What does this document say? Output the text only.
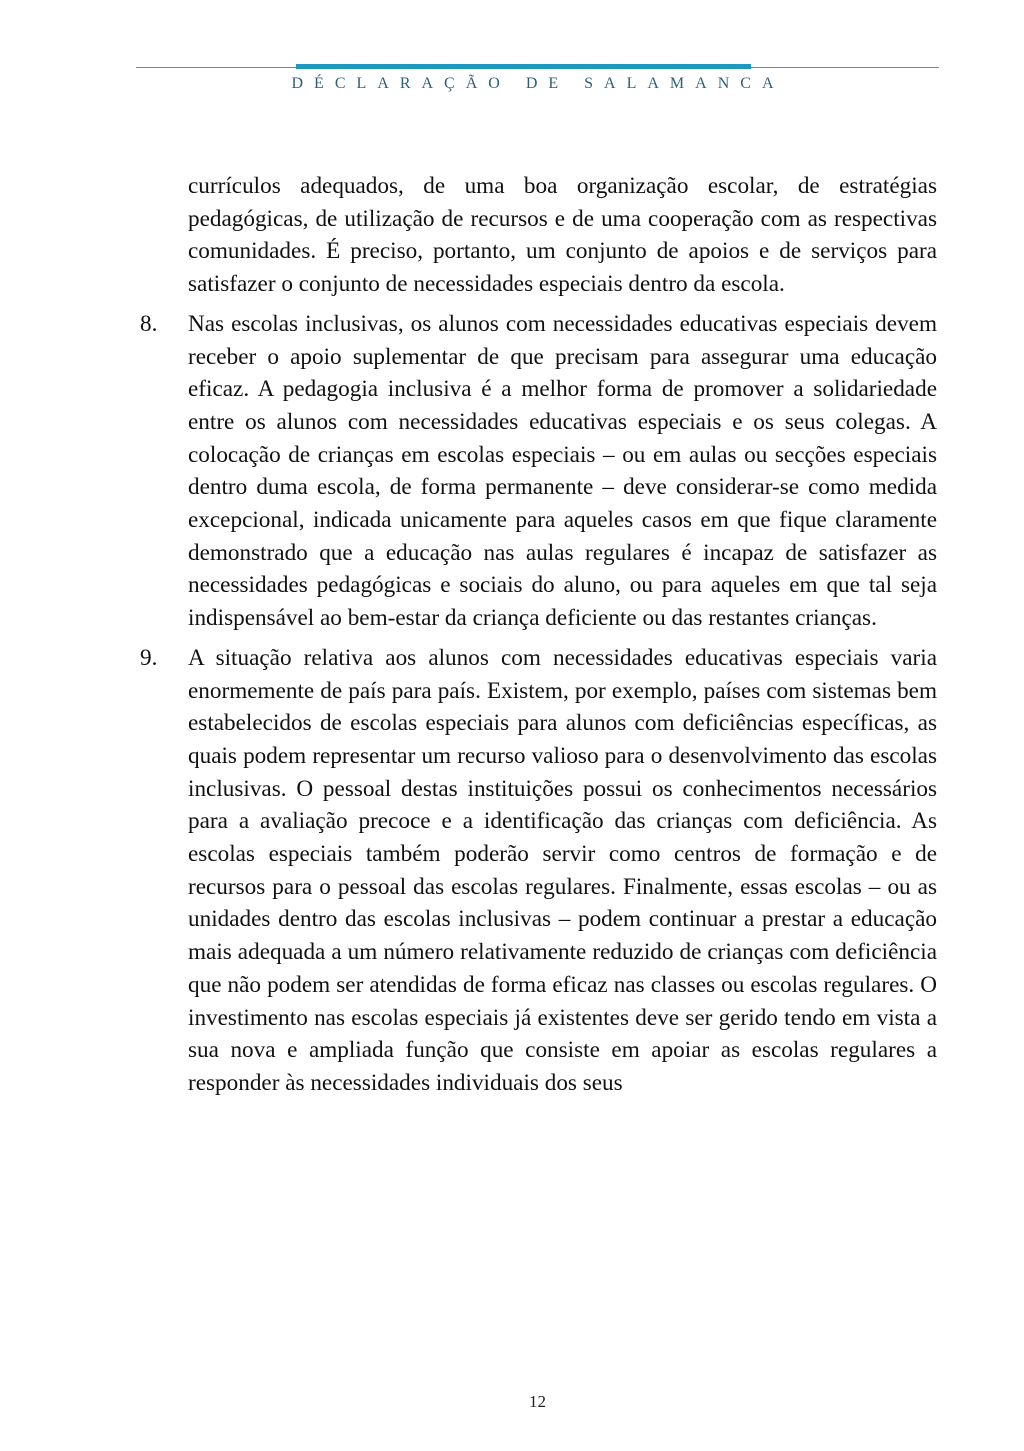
DÉCLARAÇÃO DE SALAMANCA

currículos adequados, de uma boa organização escolar, de estratégias pedagógicas, de utilização de recursos e de uma cooperação com as respectivas comunidades. É preciso, portanto, um conjunto de apoios e de serviços para satisfazer o conjunto de necessidades especiais dentro da escola.

8.	Nas escolas inclusivas, os alunos com necessidades educativas especiais devem receber o apoio suplementar de que precisam para assegurar uma educação eficaz. A pedagogia inclusiva é a melhor forma de promover a solidariedade entre os alunos com necessidades educativas especiais e os seus colegas. A colocação de crianças em escolas especiais – ou em aulas ou secções especiais dentro duma escola, de forma permanente – deve considerar-se como medida excepcional, indicada unicamente para aqueles casos em que fique claramente demonstrado que a educação nas aulas regulares é incapaz de satisfazer as necessidades pedagógicas e sociais do aluno, ou para aqueles em que tal seja indispensável ao bem-estar da criança deficiente ou das restantes crianças.

9.	A situação relativa aos alunos com necessidades educativas especiais varia enormemente de país para país. Existem, por exemplo, países com sistemas bem estabelecidos de escolas especiais para alunos com deficiências específicas, as quais podem representar um recurso valioso para o desenvolvimento das escolas inclusivas. O pessoal destas instituições possui os conhecimentos necessários para a avaliação precoce e a identificação das crianças com deficiência. As escolas especiais também poderão servir como centros de formação e de recursos para o pessoal das escolas regulares. Finalmente, essas escolas – ou as unidades dentro das escolas inclusivas – podem continuar a prestar a educação mais adequada a um número relativamente reduzido de crianças com deficiência que não podem ser atendidas de forma eficaz nas classes ou escolas regulares. O investimento nas escolas especiais já existentes deve ser gerido tendo em vista a sua nova e ampliada função que consiste em apoiar as escolas regulares a responder às necessidades individuais dos seus

12
